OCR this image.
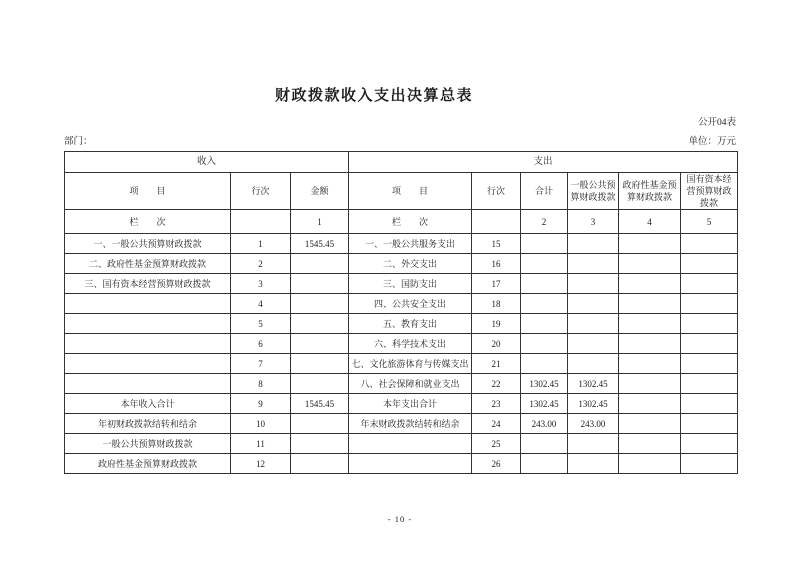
财政拨款收入支出决算总表
公开04表
部门：	单位：万元
收入			支出					
项　　目	行次	金额	项　　目	行次	合计	一般公共预算财政拨款	政府性基金预算财政拨款	国有资本经营预算财政拨款
栏　　次		1	栏　　次		2	3	4	5
一、一般公共预算财政拨款	1	1545.45	一、一般公共服务支出	15				
二、政府性基金预算财政拨款	2		二、外交支出	16				
三、国有资本经营预算财政拨款	3		三、国防支出	17				
	4		四、公共安全支出	18				
	5		五、教育支出	19				
	6		六、科学技术支出	20				
	7		七、文化旅游体育与传媒支出	21				
	8		八、社会保障和就业支出	22	1302.45	1302.45		
本年收入合计	9	1545.45	本年支出合计	23	1302.45	1302.45		
年初财政拨款结转和结余	10		年末财政拨款结转和结余	24	243.00	243.00		
一般公共预算财政拨款	11			25				
政府性基金预算财政拨款	12			26				
- 10 -
